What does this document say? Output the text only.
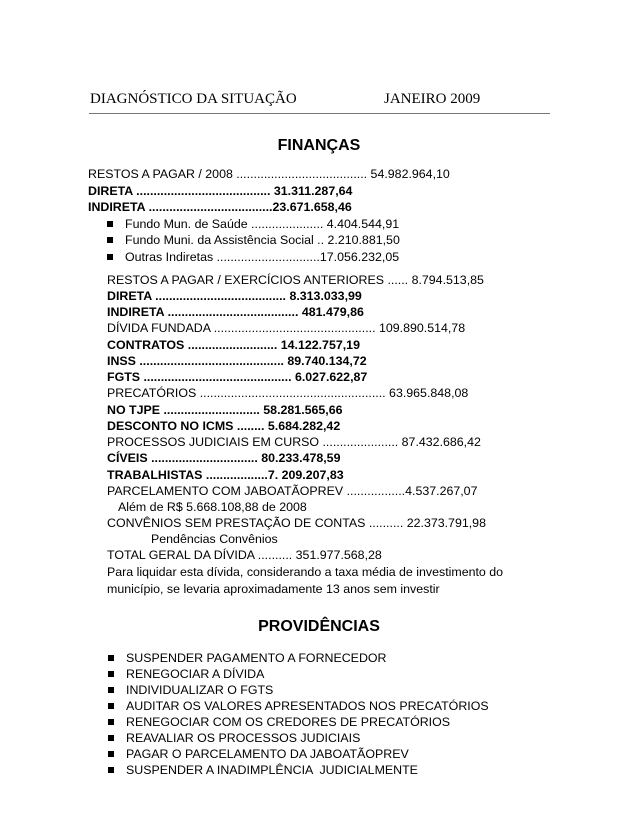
DIAGNÓSTICO DA SITUAÇÃO	JANEIRO 2009
FINANÇAS
RESTOS A PAGAR / 2008 ...................................... 54.982.964,10
DIRETA ....................................... 31.311.287,64
INDIRETA ....................................23.671.658,46
Fundo Mun. de Saúde ..................... 4.404.544,91
Fundo Muni. da Assistência Social .. 2.210.881,50
Outras Indiretas ..............................17.056.232,05
RESTOS A PAGAR / EXERCÍCIOS ANTERIORES ...... 8.794.513,85
DIRETA ...................................... 8.313.033,99
INDIRETA ...................................... 481.479,86
DÍVIDA FUNDADA ............................................... 109.890.514,78
CONTRATOS .......................... 14.122.757,19
INSS .......................................... 89.740.134,72
FGTS ........................................... 6.027.622,87
PRECATÓRIOS ...................................................... 63.965.848,08
NO TJPE ............................ 58.281.565,66
DESCONTO NO ICMS ........ 5.684.282,42
PROCESSOS JUDICIAIS EM CURSO ...................... 87.432.686,42
CÍVEIS ............................... 80.233.478,59
TRABALHISTAS ..................7. 209.207,83
PARCELAMENTO COM JABOATÃOPREV .................4.537.267,07
Além de R$ 5.668.108,88 de 2008
CONVÊNIOS SEM PRESTAÇÃO DE CONTAS .......... 22.373.791,98
Pendências Convênios
TOTAL GERAL DA DÍVIDA .......... 351.977.568,28
Para liquidar esta dívida, considerando a taxa média de investimento do município, se levaria aproximadamente 13 anos sem investir
PROVIDÊNCIAS
SUSPENDER PAGAMENTO A FORNECEDOR
RENEGOCIAR A DÍVIDA
INDIVIDUALIZAR O FGTS
AUDITAR OS VALORES APRESENTADOS NOS PRECATÓRIOS
RENEGOCIAR COM OS CREDORES DE PRECATÓRIOS
REAVALIAR OS PROCESSOS JUDICIAIS
PAGAR O PARCELAMENTO DA JABOATÃOPREV
SUSPENDER A INADIMPLÊNCIA  JUDICIALMENTE
